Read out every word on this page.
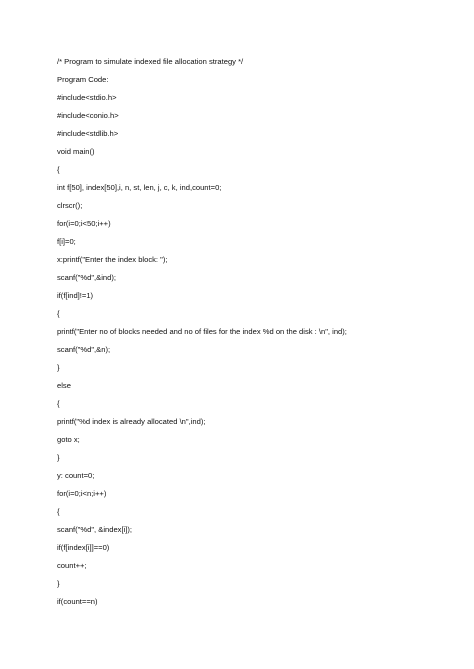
/* Program to simulate indexed file allocation strategy */

Program Code:

#include<stdio.h>

#include<conio.h>

#include<stdlib.h>

void main()

{

int f[50], index[50],i, n, st, len, j, c, k, ind,count=0;

clrscr();

for(i=0;i<50;i++)

f[i]=0;

x:printf("Enter the index block: ");

scanf("%d",&ind);

if(f[ind]!=1)

{

printf("Enter no of blocks needed and no of files for the index %d on the disk : \n", ind);

scanf("%d",&n);

}

else

{

printf("%d index is already allocated \n",ind);

goto x;

}

y: count=0;

for(i=0;i<n;i++)

{

scanf("%d", &index[i]);

if(f[index[i]]==0)

count++;

}

if(count==n)
